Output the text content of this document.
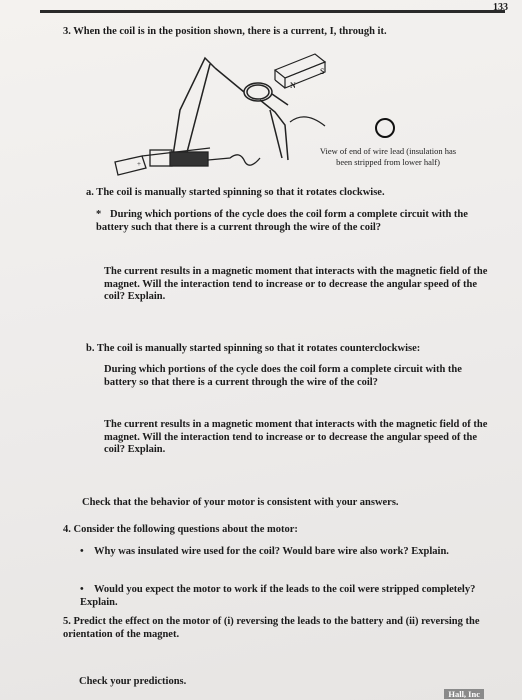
133
3. When the coil is in the position shown, there is a current, I, through it.
S
N
+
View of end of wire lead (insulation has been stripped from lower half)
a. The coil is manually started spinning so that it rotates clockwise.
* During which portions of the cycle does the coil form a complete circuit with the battery such that there is a current through the wire of the coil?
The current results in a magnetic moment that interacts with the magnetic field of the magnet. Will the interaction tend to increase or to decrease the angular speed of the coil? Explain.
b. The coil is manually started spinning so that it rotates counterclockwise:
During which portions of the cycle does the coil form a complete circuit with the battery so that there is a current through the wire of the coil?
The current results in a magnetic moment that interacts with the magnetic field of the magnet. Will the interaction tend to increase or to decrease the angular speed of the coil? Explain.
Check that the behavior of your motor is consistent with your answers.
4. Consider the following questions about the motor:
• Why was insulated wire used for the coil? Would bare wire also work? Explain.
• Would you expect the motor to work if the leads to the coil were stripped completely? Explain.
5. Predict the effect on the motor of (i) reversing the leads to the battery and (ii) reversing the orientation of the magnet.
Check your predictions.
Hall, Inc
